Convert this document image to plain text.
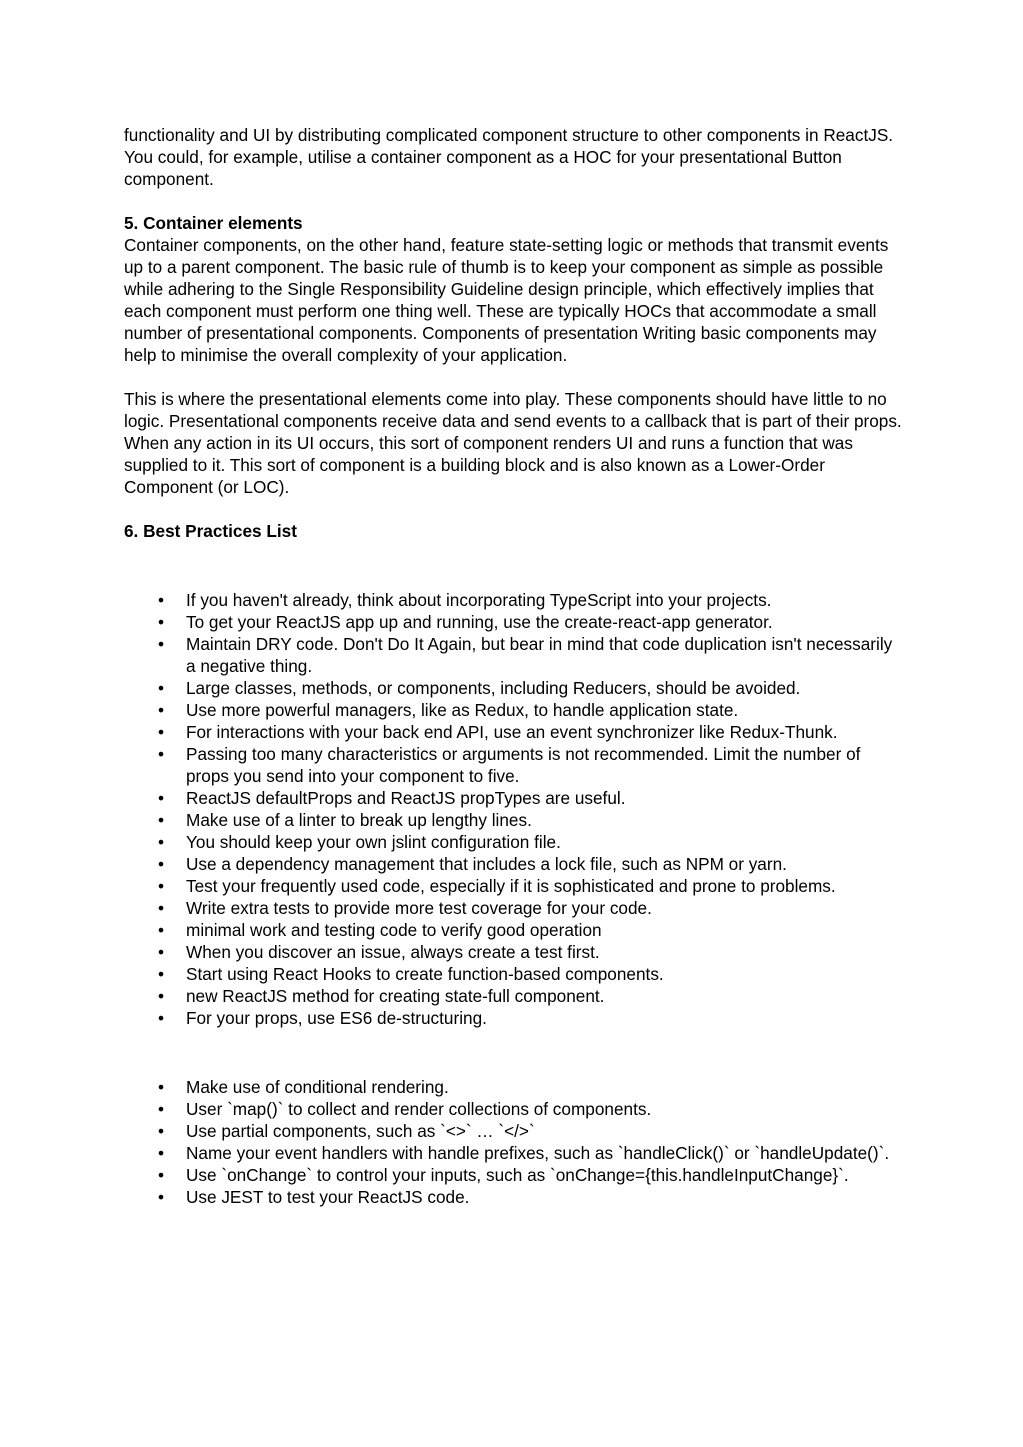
functionality and UI by distributing complicated component structure to other components in ReactJS. You could, for example, utilise a container component as a HOC for your presentational Button component.

5. Container elements

Container components, on the other hand, feature state-setting logic or methods that transmit events up to a parent component. The basic rule of thumb is to keep your component as simple as possible while adhering to the Single Responsibility Guideline design principle, which effectively implies that each component must perform one thing well. These are typically HOCs that accommodate a small number of presentational components. Components of presentation Writing basic components may help to minimise the overall complexity of your application.

This is where the presentational elements come into play. These components should have little to no logic. Presentational components receive data and send events to a callback that is part of their props. When any action in its UI occurs, this sort of component renders UI and runs a function that was supplied to it. This sort of component is a building block and is also known as a Lower-Order Component (or LOC).

6. Best Practices List
• If you haven't already, think about incorporating TypeScript into your projects.
• To get your ReactJS app up and running, use the create-react-app generator.
• Maintain DRY code. Don't Do It Again, but bear in mind that code duplication isn't necessarily a negative thing.
• Large classes, methods, or components, including Reducers, should be avoided.
• Use more powerful managers, like as Redux, to handle application state.
• For interactions with your back end API, use an event synchronizer like Redux-Thunk.
• Passing too many characteristics or arguments is not recommended. Limit the number of props you send into your component to five.
• ReactJS defaultProps and ReactJS propTypes are useful.
• Make use of a linter to break up lengthy lines.
• You should keep your own jslint configuration file.
• Use a dependency management that includes a lock file, such as NPM or yarn.
• Test your frequently used code, especially if it is sophisticated and prone to problems.
• Write extra tests to provide more test coverage for your code.
• minimal work and testing code to verify good operation
• When you discover an issue, always create a test first.
• Start using React Hooks to create function-based components.
• new ReactJS method for creating state-full component.
• For your props, use ES6 de-structuring.
• Make use of conditional rendering.
• User `map()` to collect and render collections of components.
• Use partial components, such as `<>` … `</>`
• Name your event handlers with handle prefixes, such as `handleClick()` or `handleUpdate()`.
• Use `onChange` to control your inputs, such as `onChange={this.handleInputChange}`.
• Use JEST to test your ReactJS code.
